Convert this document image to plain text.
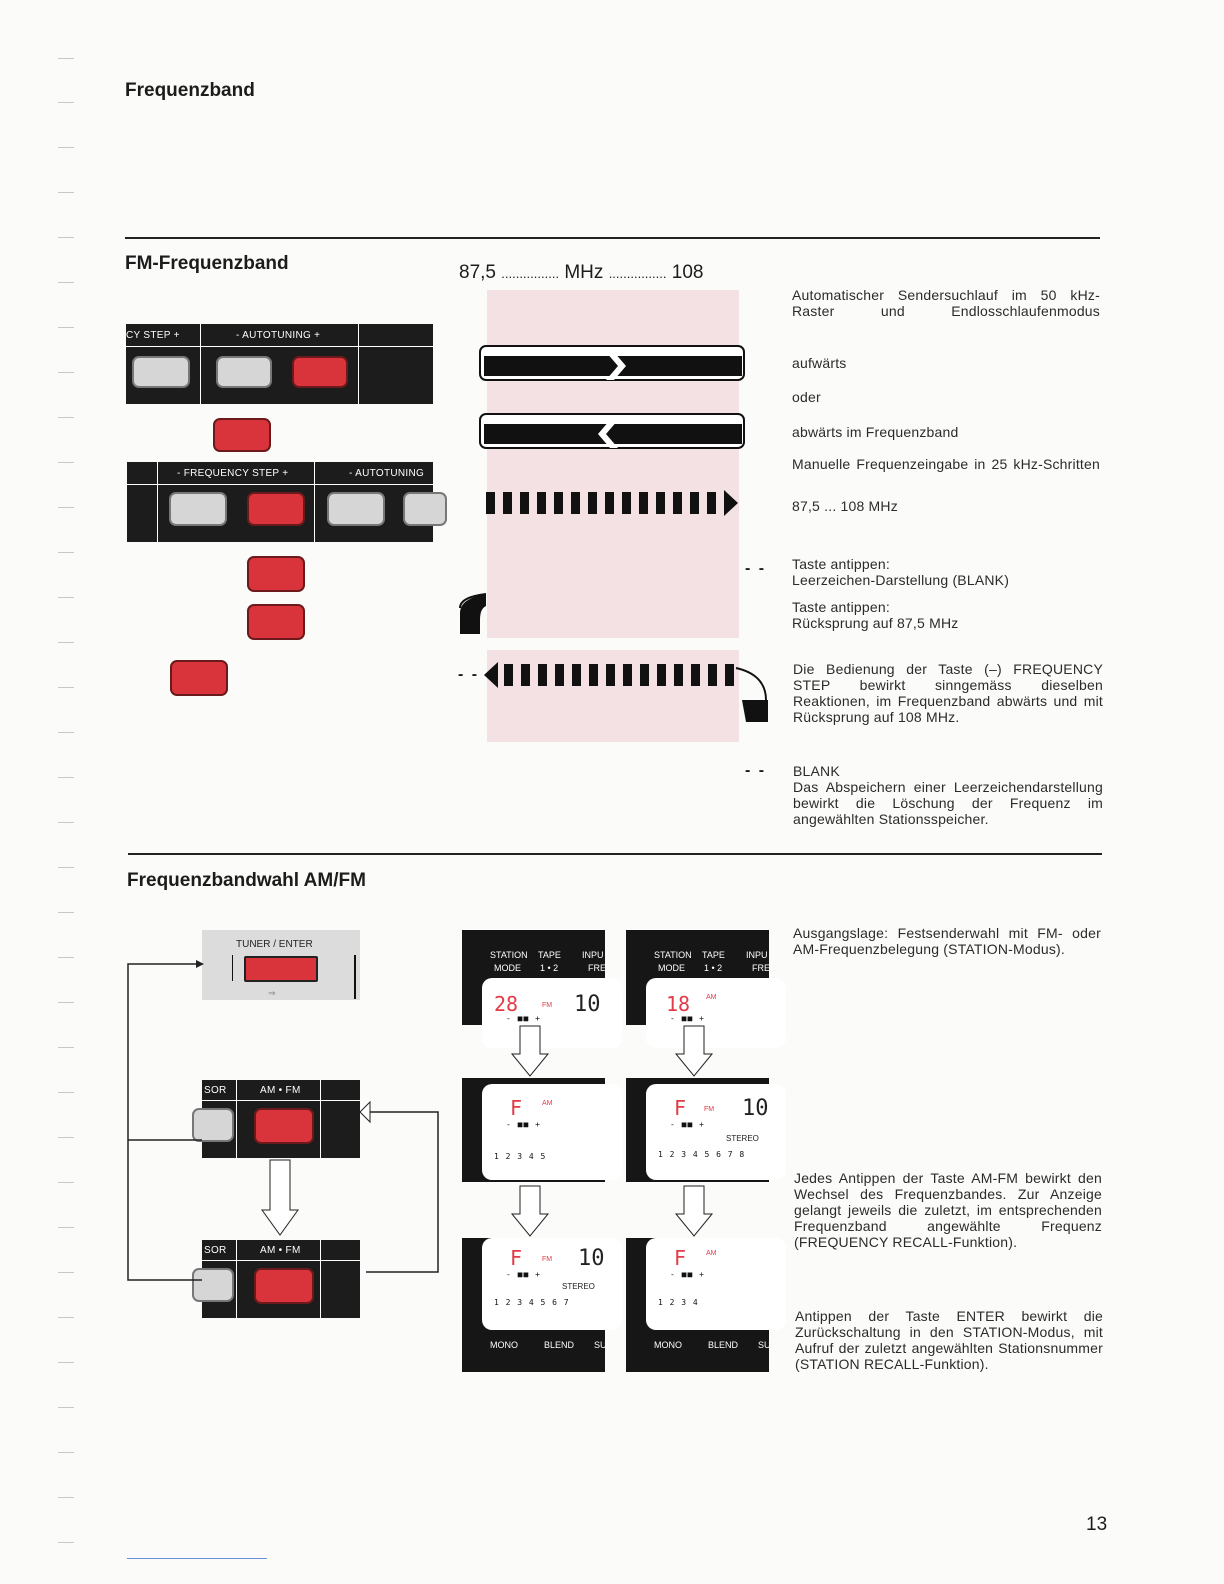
Frequenzband
FM-Frequenzband	87,5 ................ MHz ................ 108
CY STEP +	- AUTOTUNING +
- FREQUENCY STEP +	- AUTOTUNING
- -
- -
- -
Automatischer Sendersuchlauf im 50 kHz-Raster und Endlosschlaufenmodus
aufwärts
oder
abwärts im Frequenzband
Manuelle Frequenzeingabe in 25 kHz-Schritten
87,5 ... 108 MHz
Taste antippen:
Leerzeichen-Darstellung (BLANK)
Taste antippen:
Rücksprung auf 87,5 MHz
Die Bedienung der Taste (–) FREQUENCY STEP bewirkt sinngemäss dieselben Reaktionen, im Frequenzband abwärts und mit Rücksprung auf 108 MHz.
BLANK
Das Abspeichern einer Leerzeichendarstellung bewirkt die Löschung der Frequenz im angewählten Stationsspeicher.
Frequenzbandwahl AM/FM
TUNER / ENTER
⇒
SOR	AM • FM
SOR	AM • FM
STATION
MODE
TAPE
1 • 2
INPU
FRE
28	FM 10
- ■■ +
F	AM
- ■■ +
1 2 3 4 5
F	FM 10
- ■■ +
STEREO
1 2 3 4 5 6 7
MONO	BLEND SU
STATION
MODE
TAPE
1 • 2
INPU
FRE
18 AM
- ■■ +
F	FM 10
- ■■ +
STEREO
1 2 3 4 5 6 7 8
F	AM
- ■■ +
1 2 3 4
MONO	BLEND SU
Ausgangslage: Festsenderwahl mit FM- oder AM-Frequenzbelegung (STATION-Modus).
Jedes Antippen der Taste AM-FM bewirkt den Wechsel des Frequenzbandes. Zur Anzeige gelangt jeweils die zuletzt, im entsprechenden Frequenzband angewählte Frequenz (FREQUENCY RECALL-Funktion).
Antippen der Taste ENTER bewirkt die Zurückschaltung in den STATION-Modus, mit Aufruf der zuletzt angewählten Stationsnummer (STATION RECALL-Funktion).
13
